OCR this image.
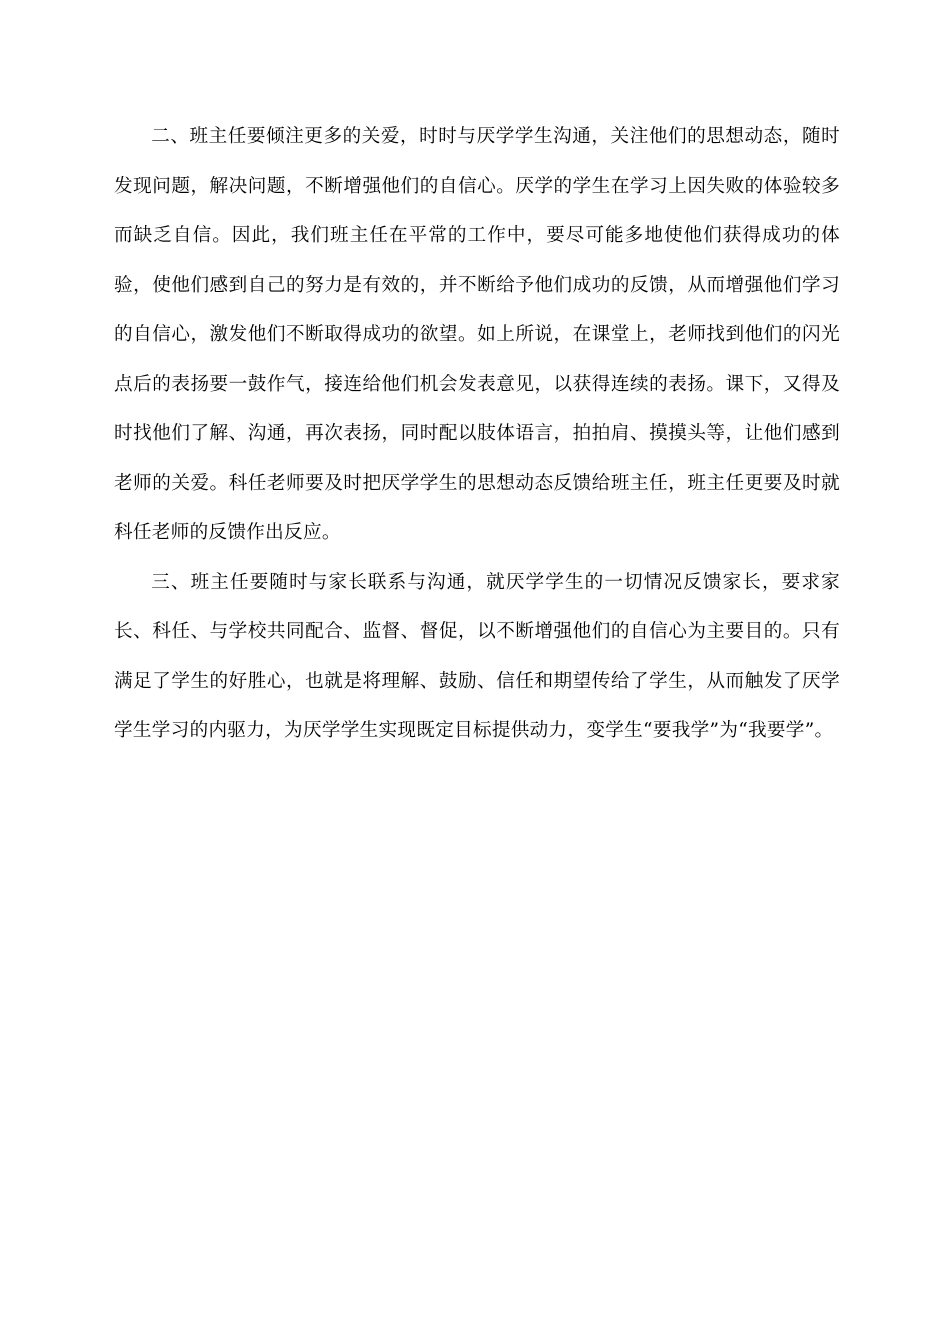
二、班主任要倾注更多的关爱，时时与厌学学生沟通，关注他们的思想动态，随时发现问题，解决问题，不断增强他们的自信心。厌学的学生在学习上因失败的体验较多而缺乏自信。因此，我们班主任在平常的工作中，要尽可能多地使他们获得成功的体验，使他们感到自己的努力是有效的，并不断给予他们成功的反馈，从而增强他们学习的自信心，激发他们不断取得成功的欲望。如上所说，在课堂上，老师找到他们的闪光点后的表扬要一鼓作气，接连给他们机会发表意见，以获得连续的表扬。课下，又得及时找他们了解、沟通，再次表扬，同时配以肢体语言，拍拍肩、摸摸头等，让他们感到老师的关爱。科任老师要及时把厌学学生的思想动态反馈给班主任，班主任更要及时就科任老师的反馈作出反应。

三、班主任要随时与家长联系与沟通，就厌学学生的一切情况反馈家长，要求家长、科任、与学校共同配合、监督、督促，以不断增强他们的自信心为主要目的。只有满足了学生的好胜心，也就是将理解、鼓励、信任和期望传给了学生，从而触发了厌学学生学习的内驱力，为厌学学生实现既定目标提供动力，变学生“要我学”为“我要学”。
